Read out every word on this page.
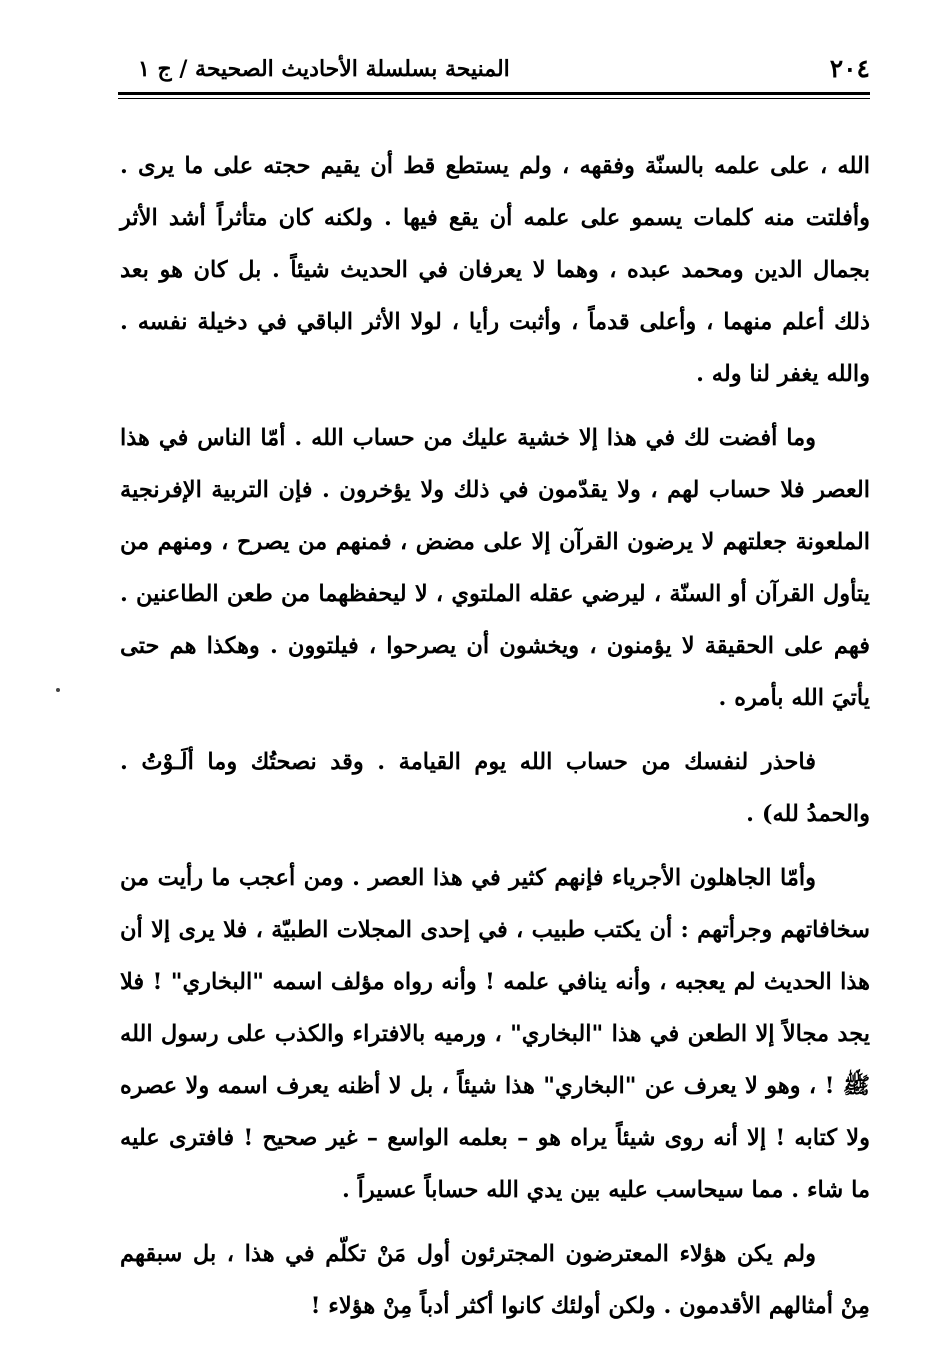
٢٠٤
المنيحة بسلسلة الأحاديث الصحيحة / ج ١

الله ، على علمه بالسنّة وفقهه ، ولم يستطع قط أن يقيم حجته على ما يرى . وأفلتت منه كلمات يسمو على علمه أن يقع فيها . ولكنه كان متأثراً أشد الأثر بجمال الدين ومحمد عبده ، وهما لا يعرفان في الحديث شيئاً . بل كان هو بعد ذلك أعلم منهما ، وأعلى قدماً ، وأثبت رأيا ، لولا الأثر الباقي في دخيلة نفسه . والله يغفر لنا وله .

وما أفضت لك في هذا إلا خشية عليك من حساب الله . أمّا الناس في هذا العصر فلا حساب لهم ، ولا يقدّمون في ذلك ولا يؤخرون . فإن التربية الإفرنجية الملعونة جعلتهم لا يرضون القرآن إلا على مضض ، فمنهم من يصرح ، ومنهم من يتأول القرآن أو السنّة ، ليرضي عقله الملتوي ، لا ليحفظهما من طعن الطاعنين . فهم على الحقيقة لا يؤمنون ، ويخشون أن يصرحوا ، فيلتوون . وهكذا هم حتى يأتيَ الله بأمره .

فاحذر لنفسك من حساب الله يوم القيامة . وقد نصحتُك وما ألَـوْتُ . والحمدُ لله) .

وأمّا الجاهلون الأجرياء فإنهم كثير في هذا العصر . ومن أعجب ما رأيت من سخافاتهم وجرأتهم : أن يكتب طبيب ، في إحدى المجلات الطبيّة ، فلا يرى إلا أن هذا الحديث لم يعجبه ، وأنه ينافي علمه ! وأنه رواه مؤلف اسمه "البخاري" ! فلا يجد مجالاً إلا الطعن في هذا "البخاري" ، ورميه بالافتراء والكذب على رسول الله ﷺ ! ، وهو لا يعرف عن "البخاري" هذا شيئاً ، بل لا أظنه يعرف اسمه ولا عصره ولا كتابه ! إلا أنه روى شيئاً يراه هو – بعلمه الواسع – غير صحيح ! فافترى عليه ما شاء . مما سيحاسب عليه بين يدي الله حساباً عسيراً .

ولم يكن هؤلاء المعترضون المجترئون أول مَنْ تكلّم في هذا ، بل سبقهم مِنْ أمثالهم الأقدمون . ولكن أولئك كانوا أكثر أدباً مِنْ هؤلاء !
